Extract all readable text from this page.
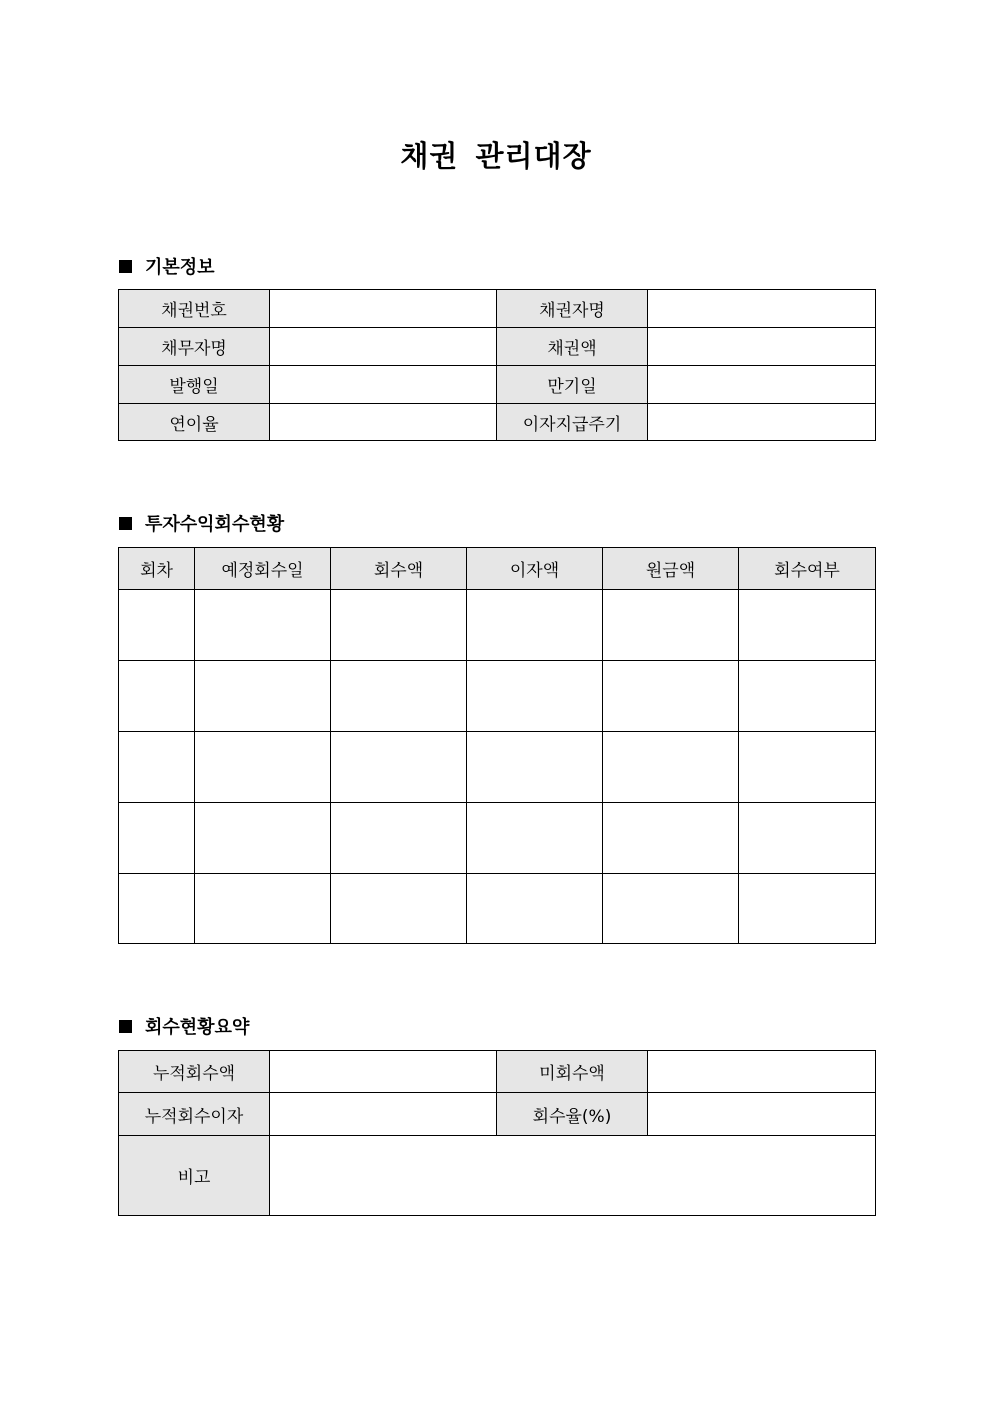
채권 관리대장
기본정보
채권번호		채권자명	
채무자명		채권액	
발행일		만기일	
연이율		이자지급주기	
투자수익회수현황
회차	예정회수일	회수액	이자액	원금액	회수여부

회수현황요약
누적회수액		미회수액	
누적회수이자		회수율(%)	
비고			
